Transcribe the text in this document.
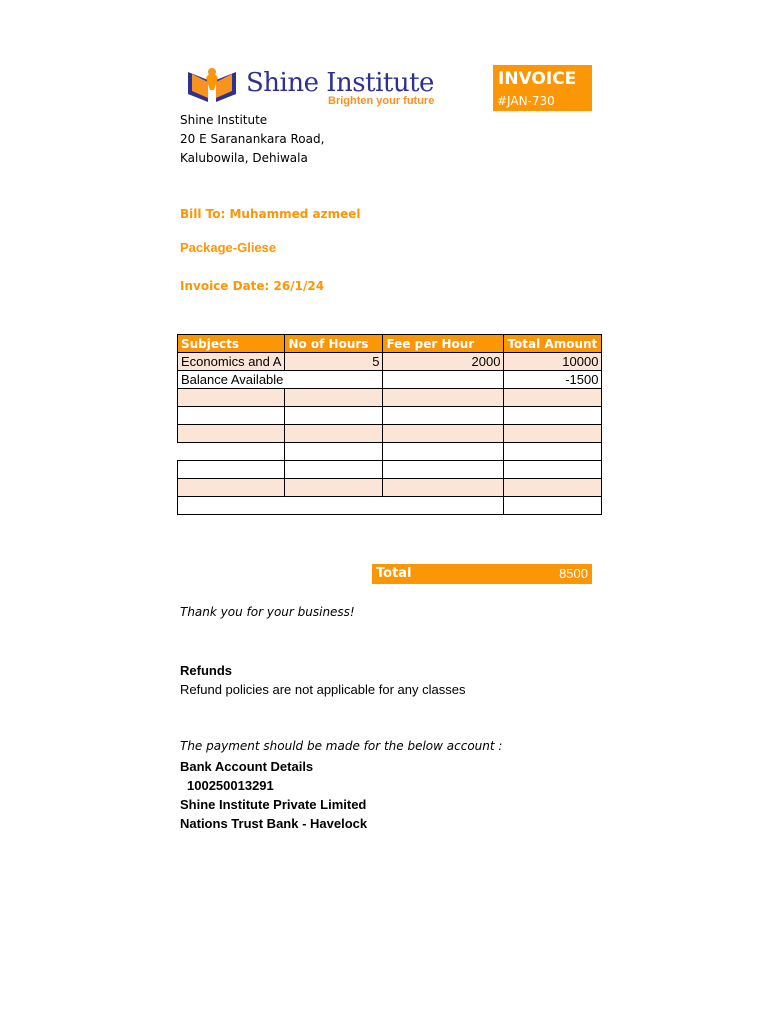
Shine Institute
Brighten your future
INVOICE
#JAN-730
Shine Institute
20 E Saranankara Road,
Kalubowila, Dehiwala
Bill To: Muhammed azmeel
Package-Gliese
Invoice Date: 26/1/24
Subjects	No of Hours	Fee per Hour	Total Amount
Economics and A	5	2000	10000
Balance Available			-1500

Total	8500
Thank you for your business!
Refunds
Refund policies are not applicable for any classes
The payment should be made for the below account :
Bank Account Details
100250013291
Shine Institute Private Limited
Nations Trust Bank - Havelock
